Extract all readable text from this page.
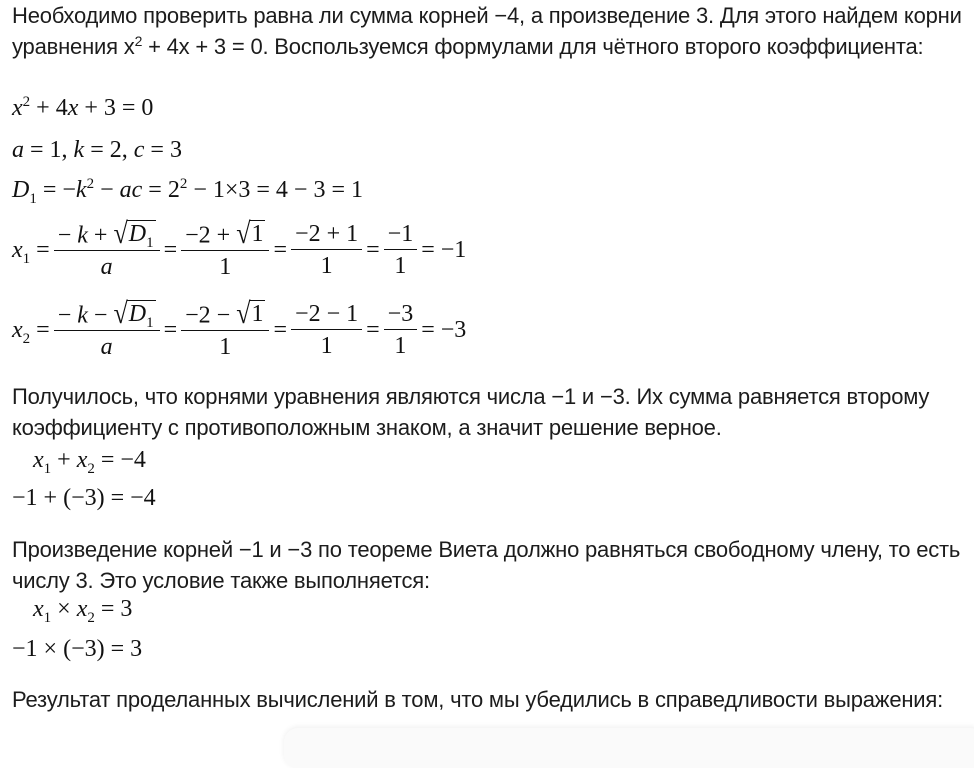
Необходимо проверить равна ли сумма корней −4, а произведение 3. Для этого найдем корни уравнения $x^2 + 4x + 3 = 0$. Воспользуемся формулами для чётного второго коэффициента:
$x^2 + 4x + 3 = 0$
a = 1, k = 2, c = 3
$D_1 = -k^2$ − ac = $2^2 - 1\times 3 = 4 - 3 = 1$
$x_1 = \frac{- k + √ D_1}{a} = \frac{-2 + √ 1}{1} = \frac{-2 + 1}{1} = \frac{-1}{1} = -1$
$x_2 = \frac{- k - √ D_1}{a} = \frac{-2 - √ 1}{1} = \frac{-2 - 1}{1} = \frac{-3}{1} = -3$
Получилось, что корнями уравнения являются числа −1 и −3. Их сумма равняется второму коэффициенту с противоположным знаком, а значит решение верное.
$x_1 + x_2 = -4$
−1 + (−3) = −4
Произведение корней −1 и −3 по теореме Виета должно равняться свободному члену, то есть числу 3. Это условие также выполняется:
$x_1 \times x_2 = 3$
−1 × (−3) = 3
Результат проделанных вычислений в том, что мы убедились в справедливости выражения:
